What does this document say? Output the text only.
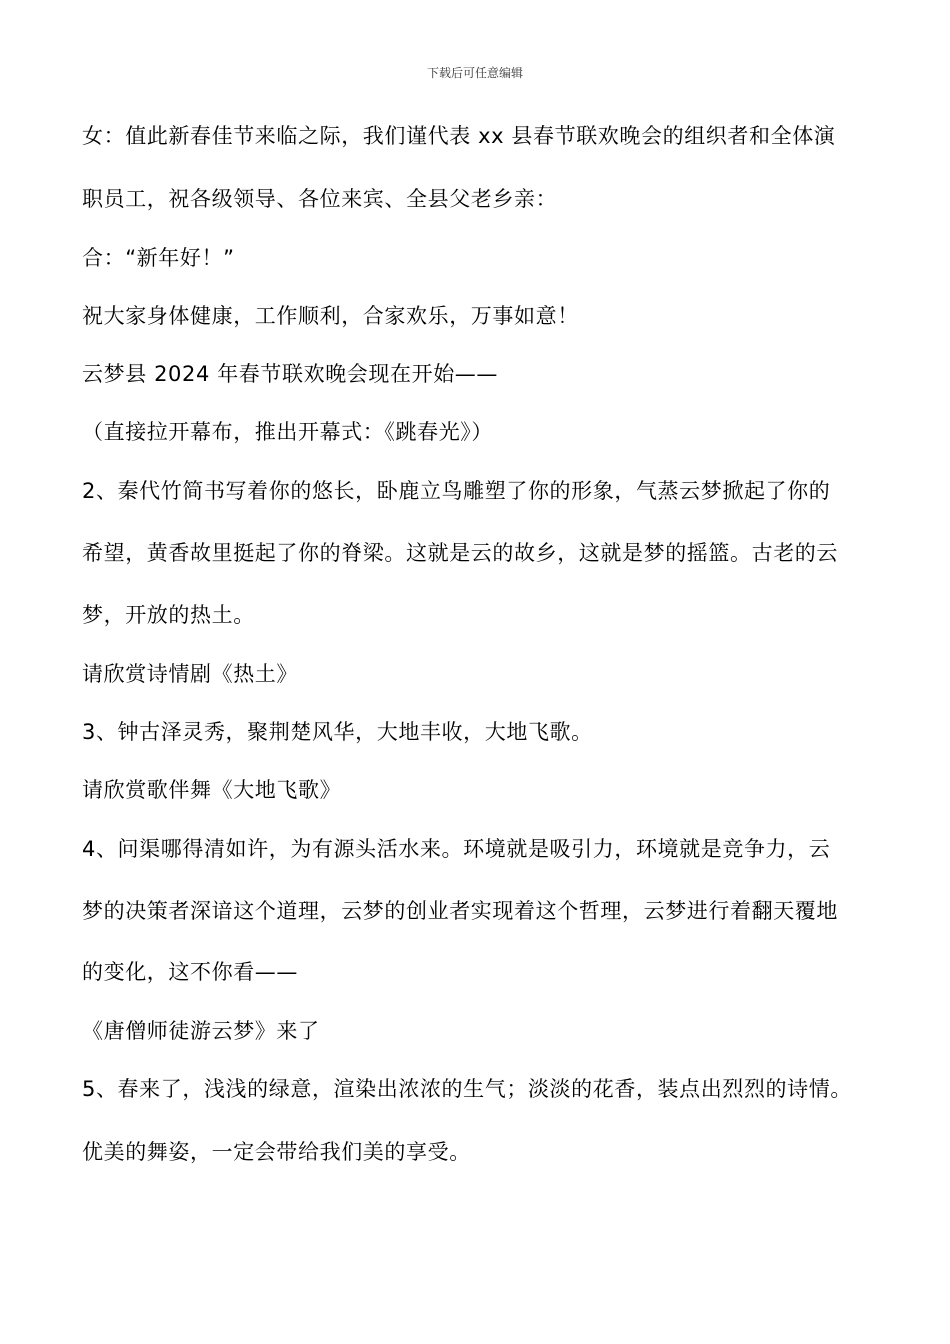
下载后可任意编辑
女：值此新春佳节来临之际，我们谨代表 xx 县春节联欢晚会的组织者和全体演
职员工，祝各级领导、各位来宾、全县父老乡亲：
合：“新年好！”
祝大家身体健康，工作顺利，合家欢乐，万事如意！
云梦县 2024 年春节联欢晚会现在开始——
（直接拉开幕布，推出开幕式：《跳春光》）
2、秦代竹简书写着你的悠长，卧鹿立鸟雕塑了你的形象，气蒸云梦掀起了你的
希望，黄香故里挺起了你的脊梁。这就是云的故乡，这就是梦的摇篮。古老的云
梦，开放的热土。
请欣赏诗情剧《热土》
3、钟古泽灵秀，聚荆楚风华，大地丰收，大地飞歌。
请欣赏歌伴舞《大地飞歌》
4、问渠哪得清如许，为有源头活水来。环境就是吸引力，环境就是竞争力，云
梦的决策者深谙这个道理，云梦的创业者实现着这个哲理，云梦进行着翻天覆地
的变化，这不你看——
《唐僧师徒游云梦》来了
5、春来了，浅浅的绿意，渲染出浓浓的生气；淡淡的花香，装点出烈烈的诗情。
优美的舞姿，一定会带给我们美的享受。
